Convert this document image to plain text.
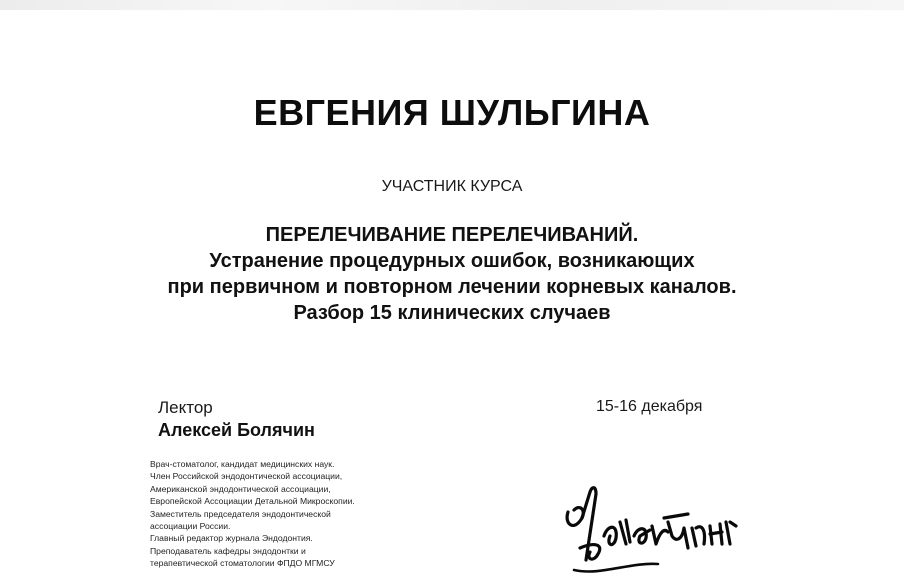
ЕВГЕНИЯ ШУЛЬГИНА
УЧАСТНИК КУРСА
ПЕРЕЛЕЧИВАНИЕ ПЕРЕЛЕЧИВАНИЙ.
Устранение процедурных ошибок, возникающих
при первичном и повторном лечении корневых каналов.
Разбор 15 клинических случаев
Лектор
Алексей Болячин
Врач-стоматолог, кандидат медицинских наук.
Член Российской эндодонтической ассоциации,
Американской эндодонтической ассоциации,
Европейской Ассоциации Детальной Микроскопии.
Заместитель председателя эндодонтической
ассоциации России.
Главный редактор журнала Эндодонтия.
Преподаватель кафедры эндодонтки и
терапевтической стоматологии ФПДО МГМСУ
15-16 декабря
